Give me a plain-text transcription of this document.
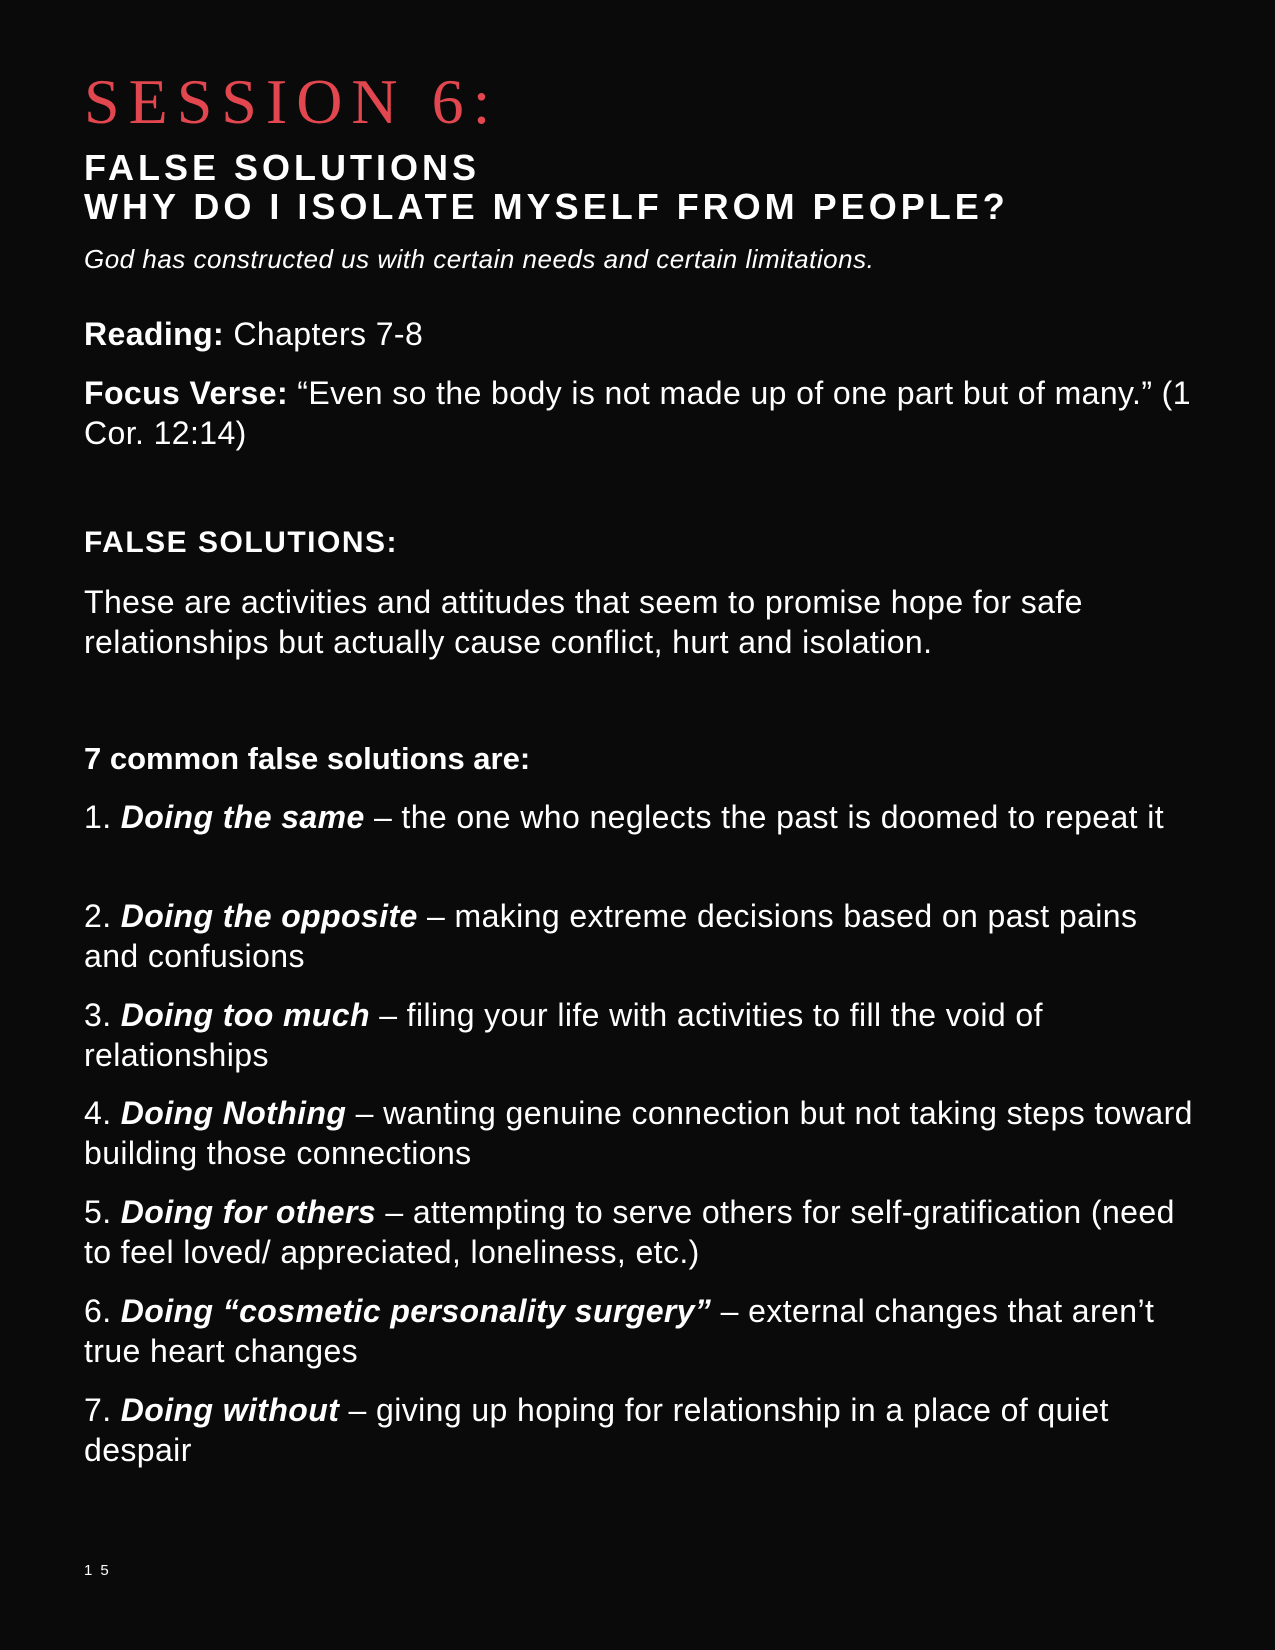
SESSION 6:
FALSE SOLUTIONS
WHY DO I ISOLATE MYSELF FROM PEOPLE?
God has constructed us with certain needs and certain limitations.
Reading: Chapters 7-8
Focus Verse: “Even so the body is not made up of one part but of many.” (1 Cor. 12:14)
FALSE SOLUTIONS:
These are activities and attitudes that seem to promise hope for safe relationships but actually cause conflict, hurt and isolation.
7 common false solutions are:
1. Doing the same – the one who neglects the past is doomed to repeat it
2. Doing the opposite – making extreme decisions based on past pains and confusions
3. Doing too much – filing your life with activities to fill the void of relationships
4. Doing Nothing – wanting genuine connection but not taking steps toward building those connections
5. Doing for others – attempting to serve others for self-gratification (need to feel loved/ appreciated, loneliness, etc.)
6. Doing “cosmetic personality surgery” – external changes that aren’t true heart changes
7. Doing without – giving up hoping for relationship in a place of quiet despair
15
